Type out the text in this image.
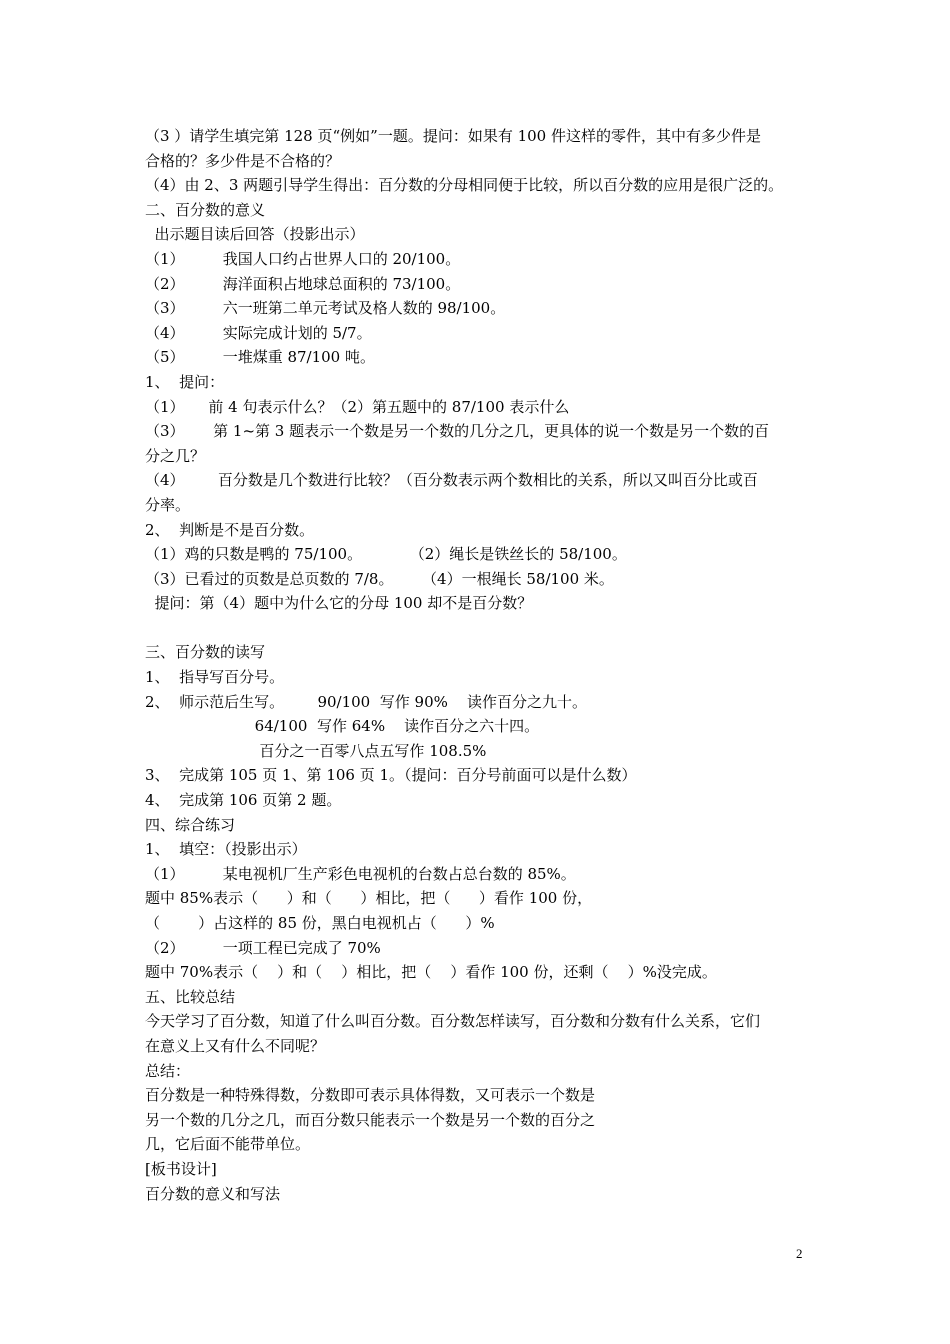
（3 ）请学生填完第 128 页“例如”一题。提问：如果有 100 件这样的零件，其中有多少件是
合格的？多少件是不合格的？
（4）由 2、3 两题引导学生得出：百分数的分母相同便于比较，所以百分数的应用是很广泛的。
二、百分数的意义
出示题目读后回答（投影出示）
（1）        我国人口约占世界人口的 20/100。
（2）        海洋面积占地球总面积的 73/100。
（3）        六一班第二单元考试及格人数的 98/100。
（4）        实际完成计划的 5/7。
（5）        一堆煤重 87/100 吨。
1、  提问：
（1）     前 4 句表示什么？（2）第五题中的 87/100 表示什么
（3）      第 1~第 3 题表示一个数是另一个数的几分之几，更具体的说一个数是另一个数的百
分之几？
（4）       百分数是几个数进行比较？（百分数表示两个数相比的关系，所以又叫百分比或百
分率。
2、  判断是不是百分数。
（1）鸡的只数是鸭的 75/100。          （2）绳长是铁丝长的 58/100。
（3）已看过的页数是总页数的 7/8。      （4）一根绳长 58/100 米。
提问：第（4）题中为什么它的分母 100 却不是百分数？
三、百分数的读写
1、  指导写百分号。
2、  师示范后生写。       90/100  写作 90%    读作百分之九十。
64/100  写作 64%    读作百分之六十四。
百分之一百零八点五写作 108.5%
3、  完成第 105 页 1、第 106 页 1。（提问：百分号前面可以是什么数）
4、  完成第 106 页第 2 题。
四、综合练习
1、  填空：（投影出示）
（1）        某电视机厂生产彩色电视机的台数占总台数的 85%。
题中 85%表示（      ）和（      ）相比，把（      ）看作 100 份，
（        ）占这样的 85 份，黑白电视机占（      ）%
（2）        一项工程已完成了 70%
题中 70%表示（    ）和（    ）相比，把（    ）看作 100 份，还剩（    ）%没完成。
五、比较总结
今天学习了百分数，知道了什么叫百分数。百分数怎样读写，百分数和分数有什么关系，它们
在意义上又有什么不同呢？
总结：
百分数是一种特殊得数，分数即可表示具体得数，又可表示一个数是
另一个数的几分之几，而百分数只能表示一个数是另一个数的百分之
几，它后面不能带单位。
[板书设计]
百分数的意义和写法
2
